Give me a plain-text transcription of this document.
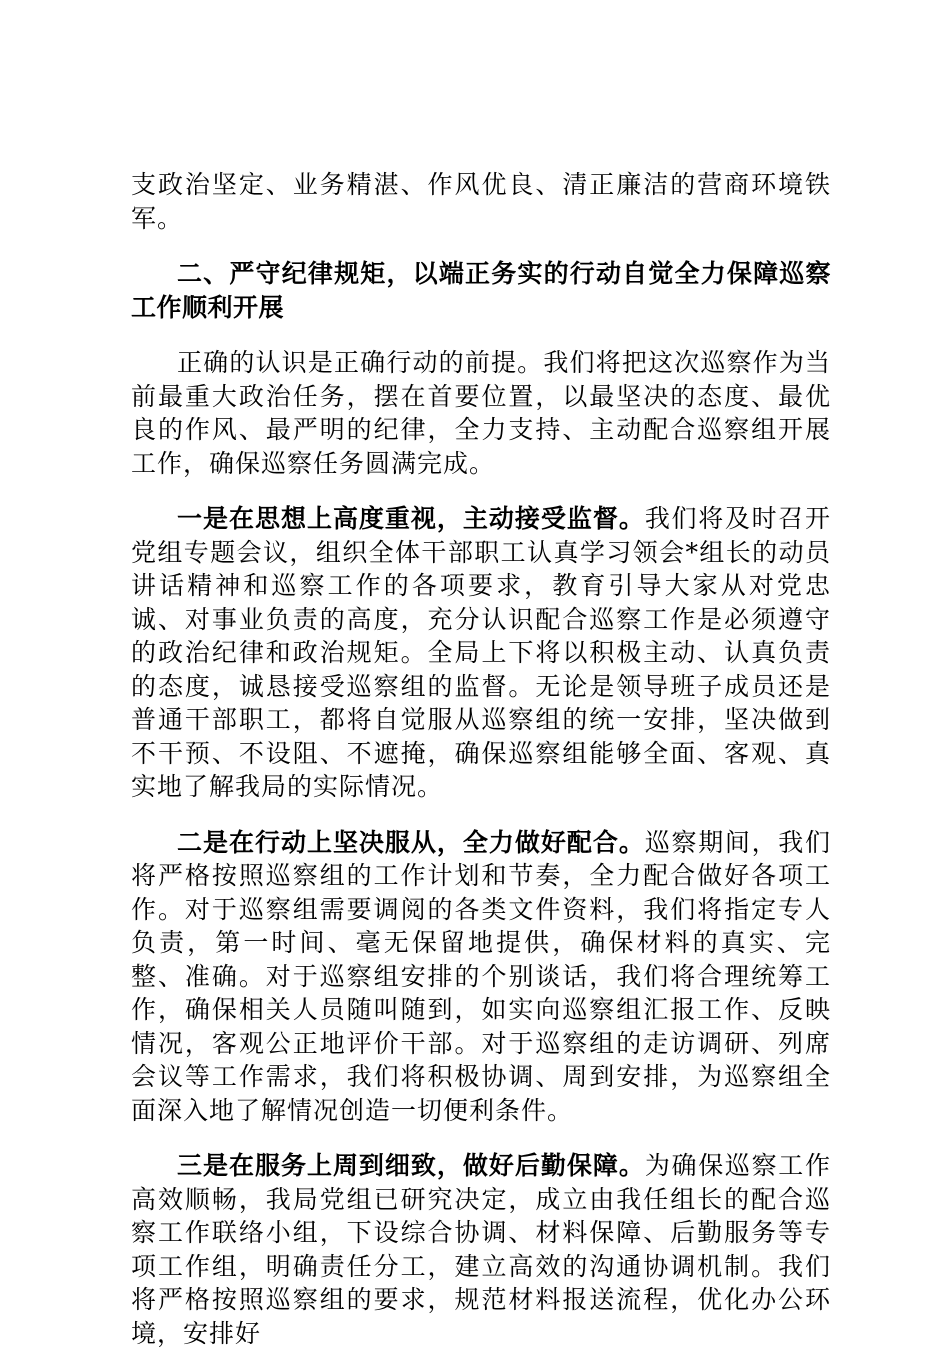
支政治坚定、业务精湛、作风优良、清正廉洁的营商环境铁军。

二、严守纪律规矩，以端正务实的行动自觉全力保障巡察工作顺利开展

正确的认识是正确行动的前提。我们将把这次巡察作为当前最重大政治任务，摆在首要位置，以最坚决的态度、最优良的作风、最严明的纪律，全力支持、主动配合巡察组开展工作，确保巡察任务圆满完成。

一是在思想上高度重视，主动接受监督。我们将及时召开党组专题会议，组织全体干部职工认真学习领会*组长的动员讲话精神和巡察工作的各项要求，教育引导大家从对党忠诚、对事业负责的高度，充分认识配合巡察工作是必须遵守的政治纪律和政治规矩。全局上下将以积极主动、认真负责的态度，诚恳接受巡察组的监督。无论是领导班子成员还是普通干部职工，都将自觉服从巡察组的统一安排，坚决做到不干预、不设阻、不遮掩，确保巡察组能够全面、客观、真实地了解我局的实际情况。

二是在行动上坚决服从，全力做好配合。巡察期间，我们将严格按照巡察组的工作计划和节奏，全力配合做好各项工作。对于巡察组需要调阅的各类文件资料，我们将指定专人负责，第一时间、毫无保留地提供，确保材料的真实、完整、准确。对于巡察组安排的个别谈话，我们将合理统筹工作，确保相关人员随叫随到，如实向巡察组汇报工作、反映情况，客观公正地评价干部。对于巡察组的走访调研、列席会议等工作需求，我们将积极协调、周到安排，为巡察组全面深入地了解情况创造一切便利条件。

三是在服务上周到细致，做好后勤保障。为确保巡察工作高效顺畅，我局党组已研究决定，成立由我任组长的配合巡察工作联络小组，下设综合协调、材料保障、后勤服务等专项工作组，明确责任分工，建立高效的沟通协调机制。我们将严格按照巡察组的要求，规范材料报送流程，优化办公环境，安排好
